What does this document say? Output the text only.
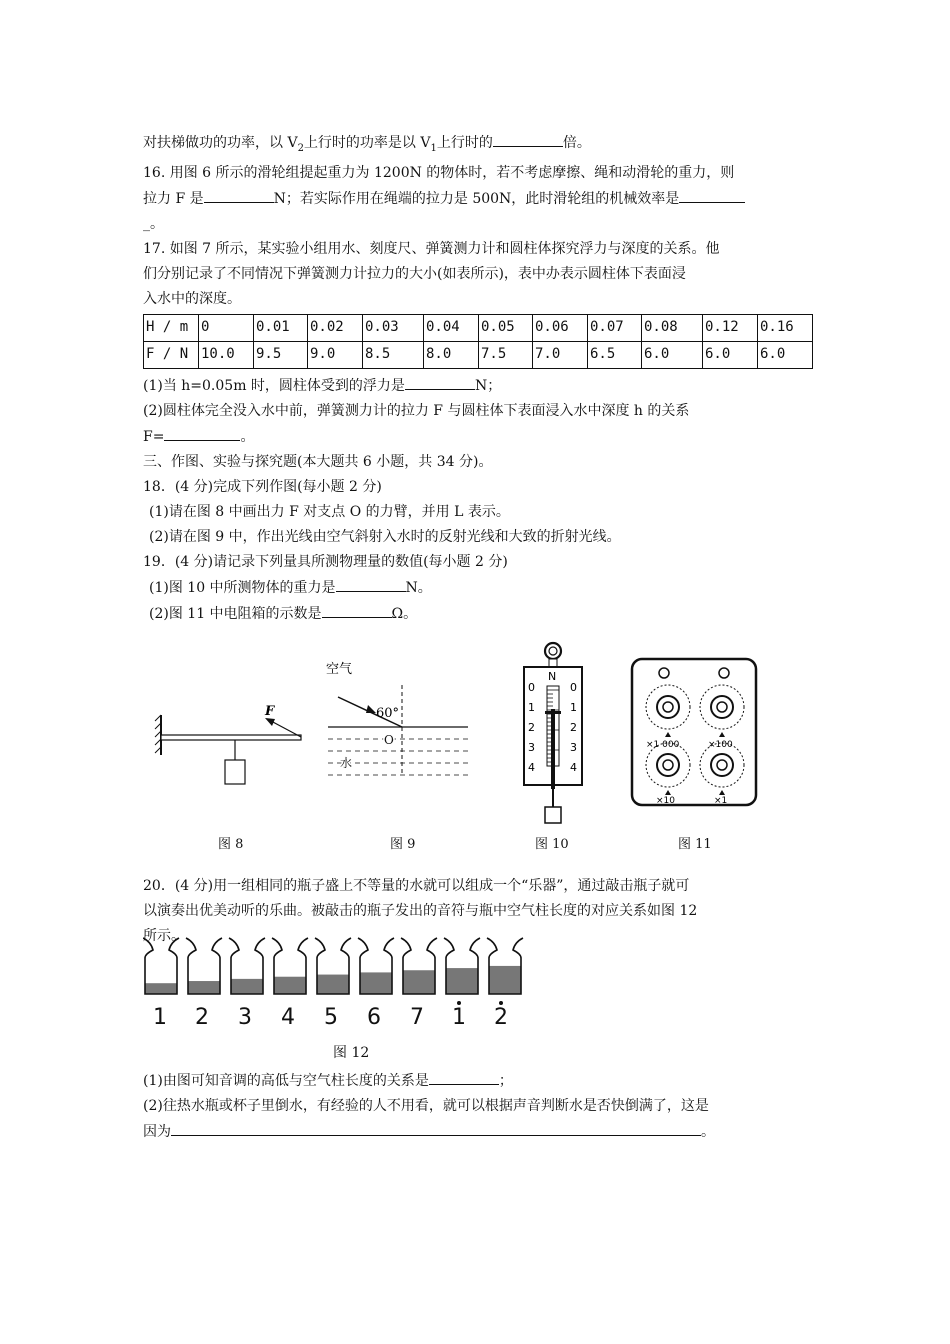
对扶梯做功的功率，以 $V_2$上行时的功率是以 $V_1$上行时的	倍。
16. 用图 6 所示的滑轮组提起重力为 1200N 的物体时，若不考虑摩擦、绳和动滑轮的重力，则
拉力 F 是	N；若实际作用在绳端的拉力是 500N，此时滑轮组的机械效率是
_。
17. 如图 7 所示，某实验小组用水、刻度尺、弹簧测力计和圆柱体探究浮力与深度的关系。他
们分别记录了不同情况下弹簧测力计拉力的大小(如表所示)，表中办表示圆柱体下表面浸
入水中的深度。
H / m	0	0.01	0.02	0.03	0.04	0.05	0.06	0.07	0.08	0.12	0.16
F / N	10.0	9.5	9.0	8.5	8.0	7.5	7.0	6.5	6.0	6.0	6.0
(1)当 h=0.05m 时，圆柱体受到的浮力是	N；
(2)圆柱体完全没入水中前，弹簧测力计的拉力 F 与圆柱体下表面浸入水中深度 h 的关系
F=	。
三、作图、实验与探究题(本大题共 6 小题，共 34 分)。
18．(4 分)完成下列作图(每小题 2 分)
(1)请在图 8 中画出力 F 对支点 O 的力臂，并用 L 表示。
(2)请在图 9 中，作出光线由空气斜射入水时的反射光线和大致的折射光线。
19．(4 分)请记录下列量具所测物理量的数值(每小题 2 分)
(1)图 10 中所测物体的重力是	N。
(2)图 11 中电阻箱的示数是	Ω。
F
图 8
空气
60°
O
水
图 9
N
0
1
2
3
4
0
1
2
3
4
图 10
×1 000	×100
×10	×1
图 11
20．(4 分)用一组相同的瓶子盛上不等量的水就可以组成一个“乐器”，通过敲击瓶子就可
以演奏出优美动听的乐曲。被敲击的瓶子发出的音符与瓶中空气柱长度的对应关系如图 12
所示。
1 2 3 4 5 6 7 1 2
图 12
(1)由图可知音调的高低与空气柱长度的关系是	；
(2)往热水瓶或杯子里倒水，有经验的人不用看，就可以根据声音判断水是否快倒满了，这是
因为	。
